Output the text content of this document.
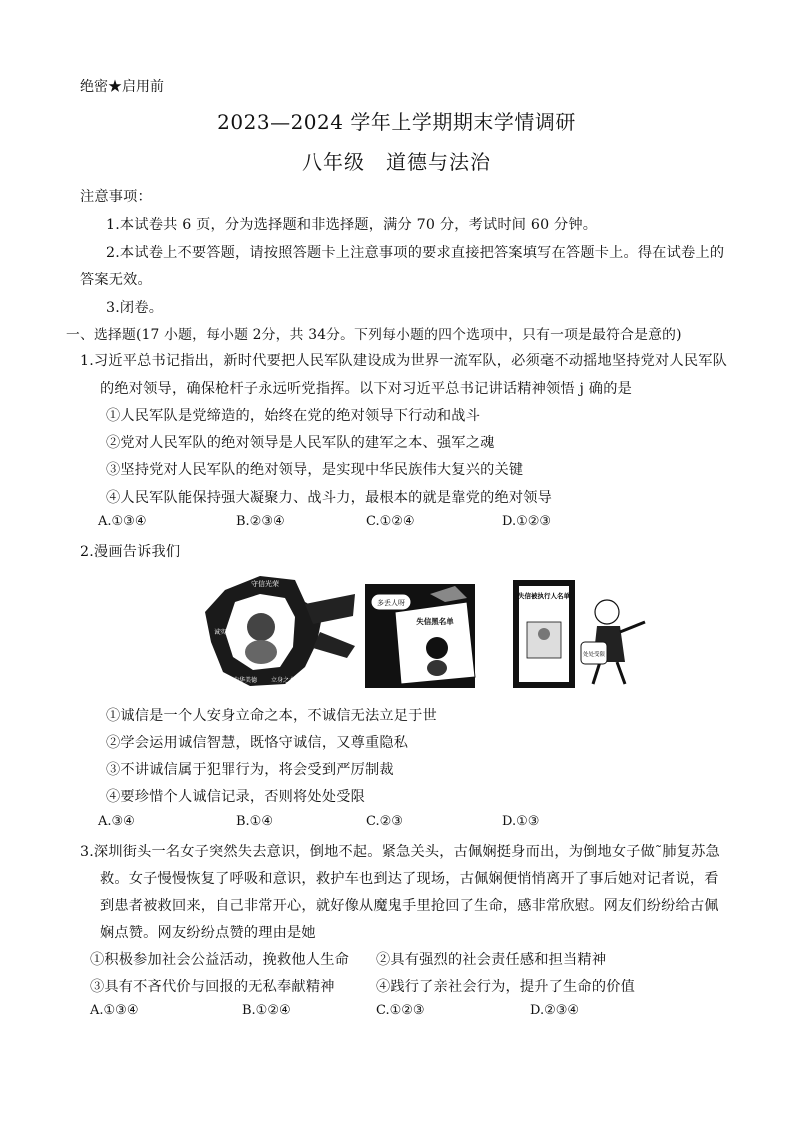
绝密★启用前
2023—2024 学年上学期期末学情调研
八年级　道德与法治
注意事项：
1.本试卷共 6 页，分为选择题和非选择题，满分 70 分，考试时间 60 分钟。
2.本试卷上不要答题，请按照答题卡上注意事项的要求直接把答案填写在答题卡上。得在试卷上的
答案无效。
3.闭卷。
一、选择题(17 小题，每小题 2分，共 34分。下列每小题的四个选项中，只有一项是最符合是意的)
1.习近平总书记指出，新时代要把人民军队建设成为世界一流军队，必须毫不动摇地坚持党对人民军队
的绝对领导，确保枪杆子永远听党指挥。以下对习近平总书记讲话精神领悟 j 确的是
①人民军队是党缔造的，始终在党的绝对领导下行动和战斗
②党对人民军队的绝对领导是人民军队的建军之本、强军之魂
③坚持党对人民军队的绝对领导，是实现中华民族伟大复兴的关键
④人民军队能保持强大凝聚力、战斗力，最根本的就是靠党的绝对领导
A.①③④	B.②③④	C.①②④	D.①②③
2.漫画告诉我们
守信光荣
诚实守信
中华美德 立身之本
多丢人呀
失信黑名单
失信被执行人名单
处处受限
①诚信是一个人安身立命之本，不诚信无法立足于世
②学会运用诚信智慧，既恪守诚信，又尊重隐私
③不讲诚信属于犯罪行为，将会受到严厉制裁
④要珍惜个人诚信记录，否则将处处受限
A.③④	B.①④	C.②③	D.①③
3.深圳街头一名女子突然失去意识，倒地不起。紧急关头，古佩娴挺身而出，为倒地女子做˜肺复苏急
救。女子慢慢恢复了呼吸和意识，救护车也到达了现场，古佩娴便悄悄离开了事后她对记者说，看
到患者被救回来，自己非常开心，就好像从魔鬼手里抢回了生命，感非常欣慰。网友们纷纷给古佩
娴点赞。网友纷纷点赞的理由是她
①积极参加社会公益活动，挽救他人生命 ②具有强烈的社会责任感和担当精神
③具有不吝代价与回报的无私奉献精神	④践行了亲社会行为，提升了生命的价值
A.①③④	B.①②④	C.①②③	D.②③④
